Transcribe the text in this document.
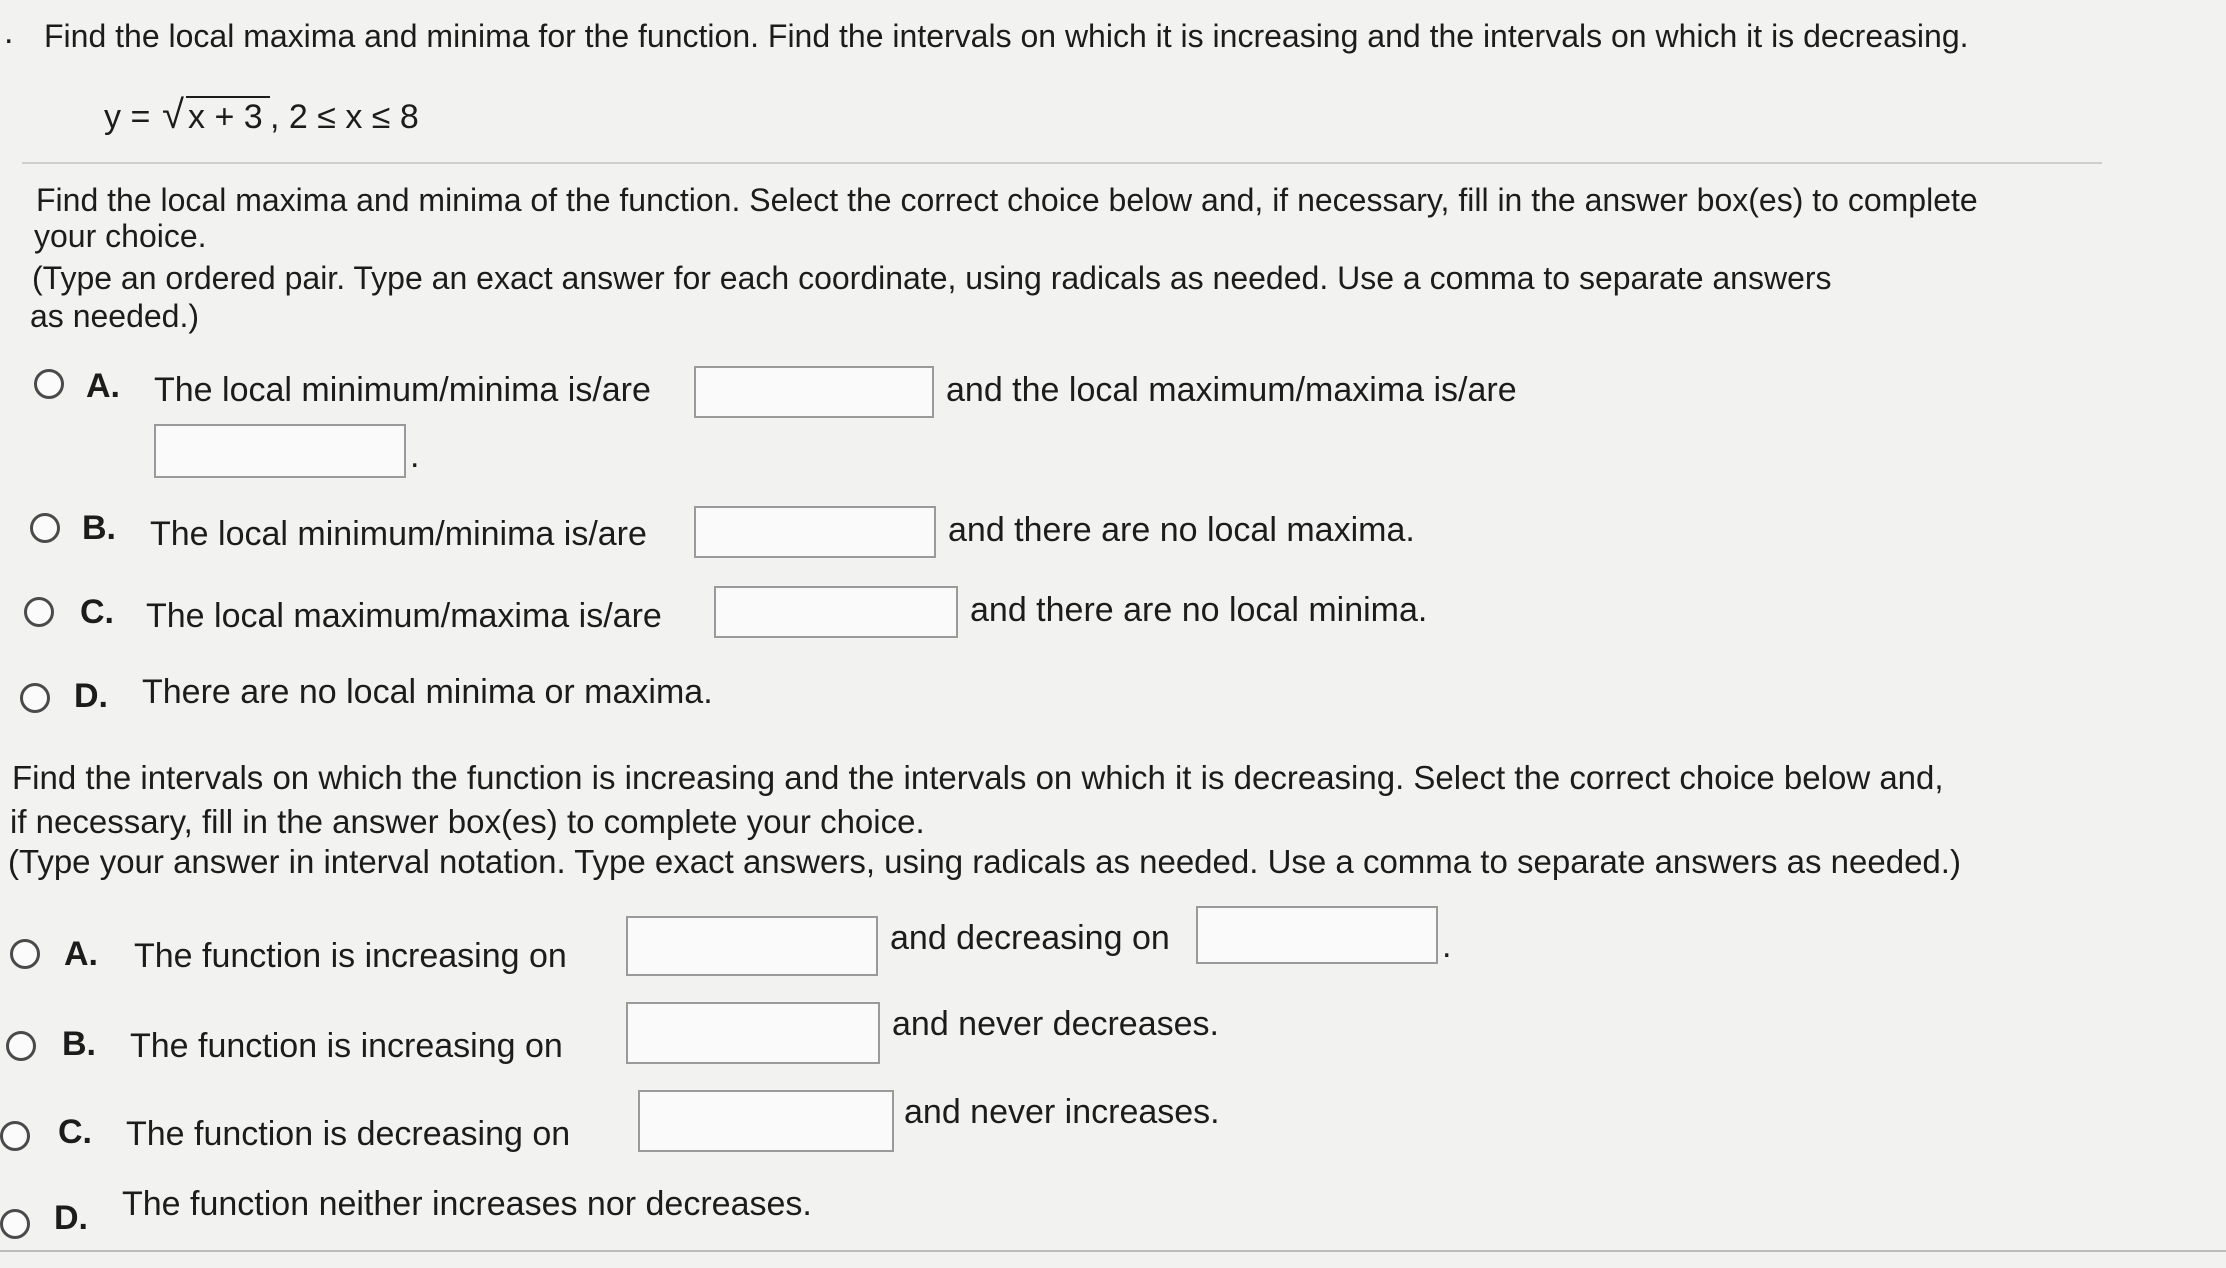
. Find the local maxima and minima for the function. Find the intervals on which it is increasing and the intervals on which it is decreasing.
y = √ x + 3 , 2 ≤ x ≤ 8
Find the local maxima and minima of the function. Select the correct choice below and, if necessary, fill in the answer box(es) to complete
your choice.
(Type an ordered pair. Type an exact answer for each coordinate, using radicals as needed. Use a comma to separate answers
as needed.)
A. The local minimum/minima is/are	and the local maximum/maxima is/are
.
B. The local minimum/minima is/are	and there are no local maxima.
C. The local maximum/maxima is/are	and there are no local minima.
D. There are no local minima or maxima.
Find the intervals on which the function is increasing and the intervals on which it is decreasing. Select the correct choice below and,
if necessary, fill in the answer box(es) to complete your choice.
(Type your answer in interval notation. Type exact answers, using radicals as needed. Use a comma to separate answers as needed.)
A. The function is increasing on	and decreasing on	.
B. The function is increasing on
and never decreases.
C. The function is decreasing on
and never increases.
D. The function neither increases nor decreases.
